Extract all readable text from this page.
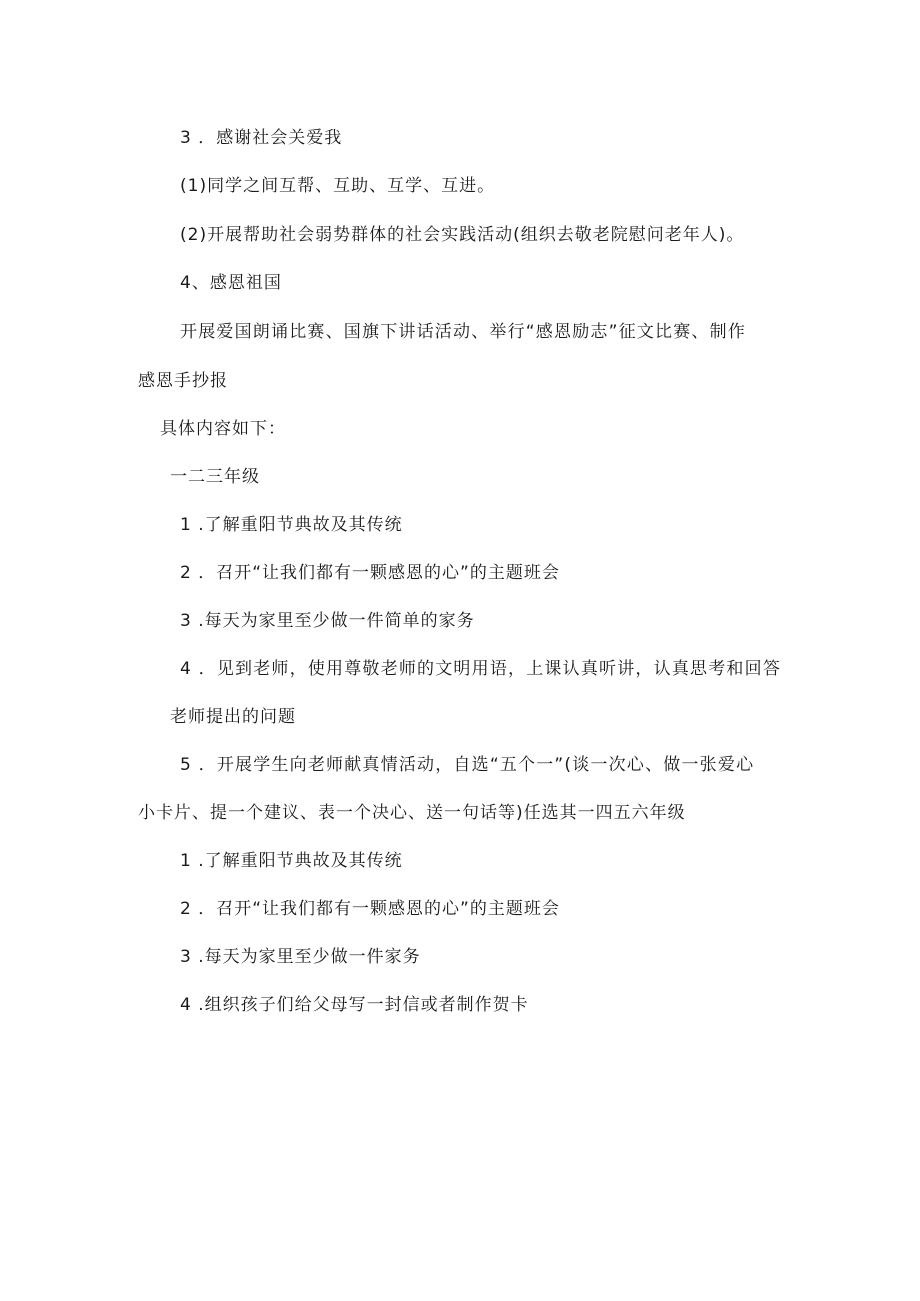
3 ．感谢社会关爱我
(1)同学之间互帮、互助、互学、互进。
(2)开展帮助社会弱势群体的社会实践活动(组织去敬老院慰问老年人)。
4、感恩祖国
开展爱国朗诵比赛、国旗下讲话活动、举行“感恩励志”征文比赛、制作
感恩手抄报
具体内容如下：
一二三年级
1 .了解重阳节典故及其传统
2 ．召开“让我们都有一颗感恩的心”的主题班会
3 .每天为家里至少做一件简单的家务
4 ．见到老师，使用尊敬老师的文明用语，上课认真听讲，认真思考和回答
老师提出的问题
5 ．开展学生向老师献真情活动，自选“五个一”(谈一次心、做一张爱心
小卡片、提一个建议、表一个决心、送一句话等)任选其一四五六年级
1 .了解重阳节典故及其传统
2 ．召开“让我们都有一颗感恩的心”的主题班会
3 .每天为家里至少做一件家务
4 .组织孩子们给父母写一封信或者制作贺卡
